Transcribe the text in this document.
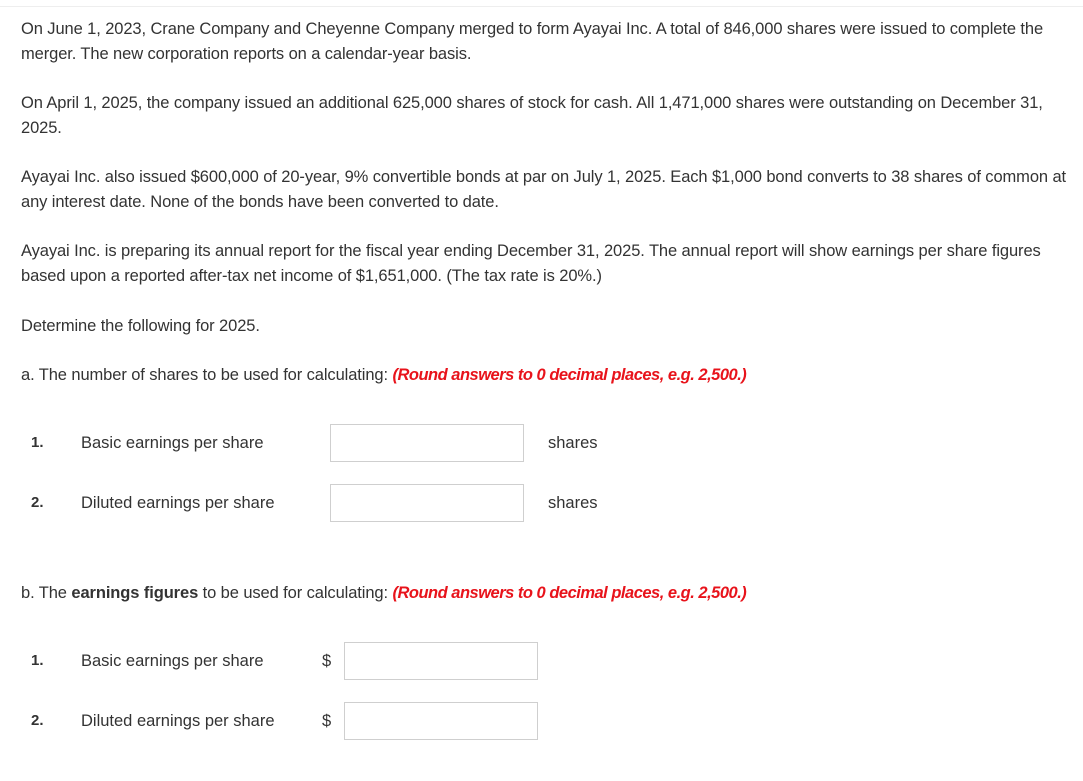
On June 1, 2023, Crane Company and Cheyenne Company merged to form Ayayai Inc. A total of 846,000 shares were issued to complete the merger. The new corporation reports on a calendar-year basis.

On April 1, 2025, the company issued an additional 625,000 shares of stock for cash. All 1,471,000 shares were outstanding on December 31, 2025.

Ayayai Inc. also issued $600,000 of 20-year, 9% convertible bonds at par on July 1, 2025. Each $1,000 bond converts to 38 shares of common at any interest date. None of the bonds have been converted to date.

Ayayai Inc. is preparing its annual report for the fiscal year ending December 31, 2025. The annual report will show earnings per share figures based upon a reported after-tax net income of $1,651,000. (The tax rate is 20%.)

Determine the following for 2025.

a. The number of shares to be used for calculating: (Round answers to 0 decimal places, e.g. 2,500.)

1. Basic earnings per share	shares
2. Diluted earnings per share	shares

b. The earnings figures to be used for calculating: (Round answers to 0 decimal places, e.g. 2,500.)

1. Basic earnings per share	$
2. Diluted earnings per share	$
